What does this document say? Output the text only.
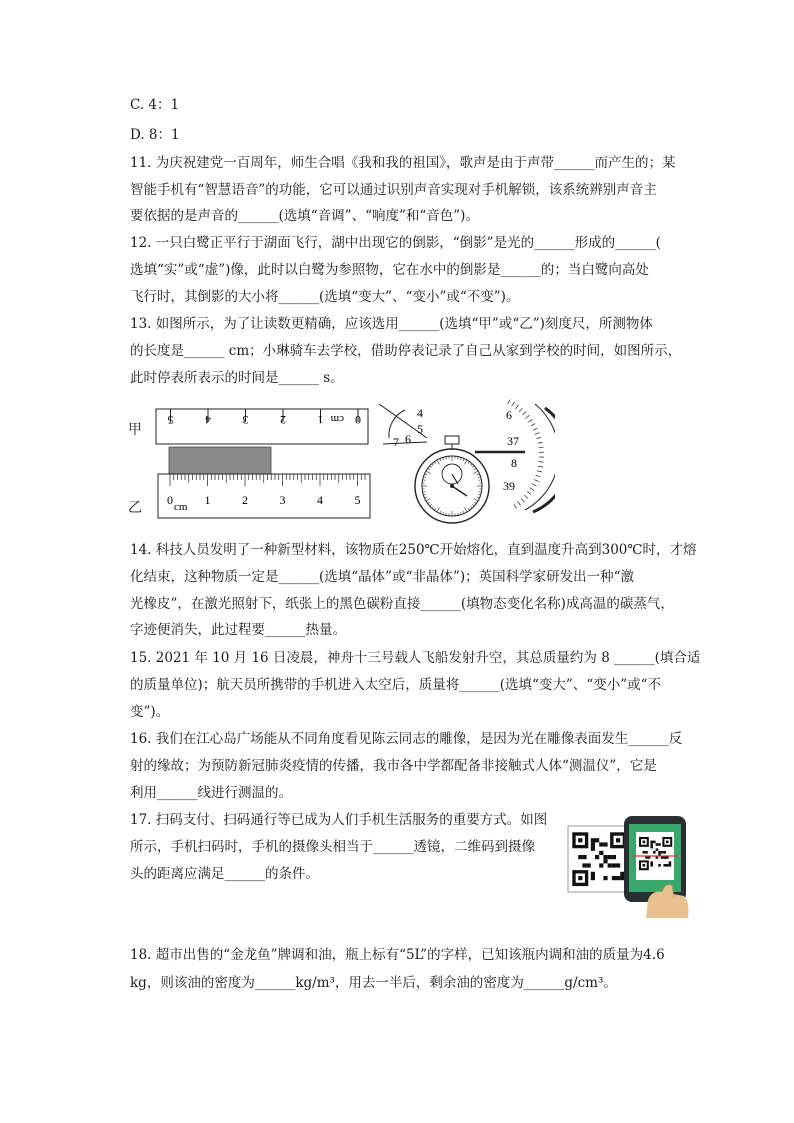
C. 4：1
D. 8：1
11. 为庆祝建党一百周年，师生合唱《我和我的祖国》，歌声是由于声带______而产生的；某
智能手机有“智慧语音”的功能，它可以通过识别声音实现对手机解锁，该系统辨别声音主
要依据的是声音的______(选填“音调”、“响度”和“音色”)。
12. 一只白鹭正平行于湖面飞行，湖中出现它的倒影，“倒影”是光的______形成的______(
选填“实”或“虚”)像，此时以白鹭为参照物，它在水中的倒影是______的；当白鹭向高处
飞行时，其倒影的大小将______(选填“变大”、“变小”或“不变”)。
13. 如图所示，为了让读数更精确，应该选用______(选填“甲”或“乙”)刻度尺，所测物体
的长度是______ cm；小琳骑车去学校，借助停表记录了自己从家到学校的时间，如图所示，
此时停表所表示的时间是______ s。
甲
乙
5	4	3	2	1	0
cm
0	1	2	3	4	5
cm
4
5
6
7
6
37
8
39
14. 科技人员发明了一种新型材料，该物质在250℃开始熔化，直到温度升高到300℃时，才熔
化结束，这种物质一定是______(选填“晶体”或“非晶体”)；英国科学家研发出一种“激
光橡皮”，在激光照射下，纸张上的黑色碳粉直接______(填物态变化名称)成高温的碳蒸气，
字迹便消失，此过程要______热量。
15. 2021 年 10 月 16 日凌晨，神舟十三号载人飞船发射升空，其总质量约为 8 ______(填合适
的质量单位)；航天员所携带的手机进入太空后，质量将______(选填“变大”、“变小”或“不
变”)。
16. 我们在江心岛广场能从不同角度看见陈云同志的雕像，是因为光在雕像表面发生______反
射的缘故；为预防新冠肺炎疫情的传播，我市各中学都配备非接触式人体“测温仪”，它是
利用______线进行测温的。
17. 扫码支付、扫码通行等已成为人们手机生活服务的重要方式。如图
所示，手机扫码时，手机的摄像头相当于______透镜，二维码到摄像
头的距离应满足______的条件。
18. 超市出售的“金龙鱼”牌调和油，瓶上标有“5L”的字样，已知该瓶内调和油的质量为4.6
kg，则该油的密度为______kg/m³，用去一半后，剩余油的密度为______g/cm³。
